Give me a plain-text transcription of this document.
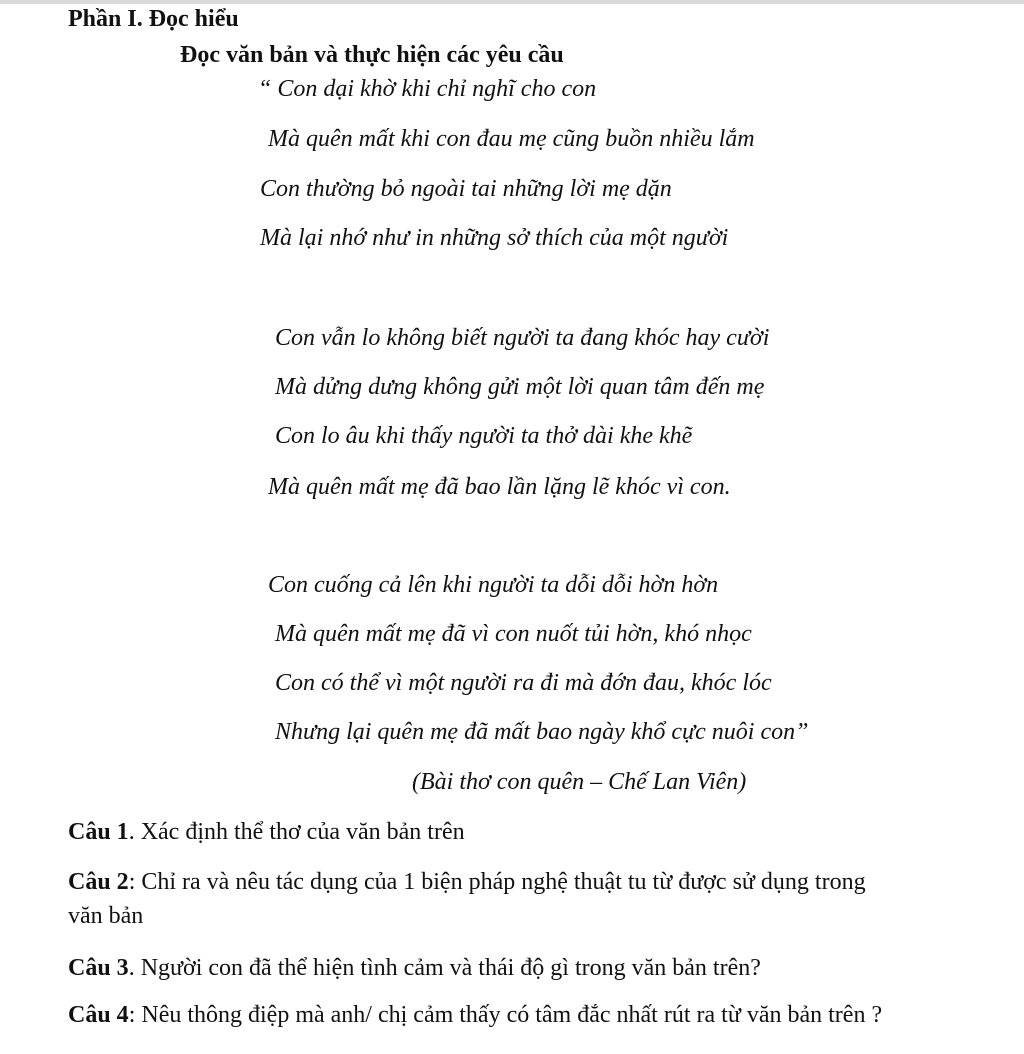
Phần I. Đọc hiểu
Đọc văn bản và thực hiện các yêu cầu
“ Con dại khờ khi chỉ nghĩ cho con
Mà quên mất khi con đau mẹ cũng buồn nhiều lắm
Con thường bỏ ngoài tai những lời mẹ dặn
Mà lại nhớ như in những sở thích của một người
Con vẫn lo không biết người ta đang khóc hay cười
Mà dửng dưng không gửi một lời quan tâm đến mẹ
Con lo âu khi thấy người ta thở dài khe khẽ
Mà quên mất mẹ đã bao lần lặng lẽ khóc vì con.
Con cuống cả lên khi người ta dỗi dỗi hờn hờn
Mà quên mất mẹ đã vì con nuốt tủi hờn, khó nhọc
Con có thể vì một người ra đi mà đớn đau, khóc lóc
Nhưng lại quên mẹ đã mất bao ngày khổ cực nuôi con”
(Bài thơ con quên – Chế Lan Viên)
Câu 1. Xác định thể thơ của văn bản trên
Câu 2: Chỉ ra và nêu tác dụng của 1 biện pháp nghệ thuật tu từ được sử dụng trong
văn bản
Câu 3. Người con đã thể hiện tình cảm và thái độ gì trong văn bản trên?
Câu 4: Nêu thông điệp mà anh/ chị cảm thấy có tâm đắc nhất rút ra từ văn bản trên ?
